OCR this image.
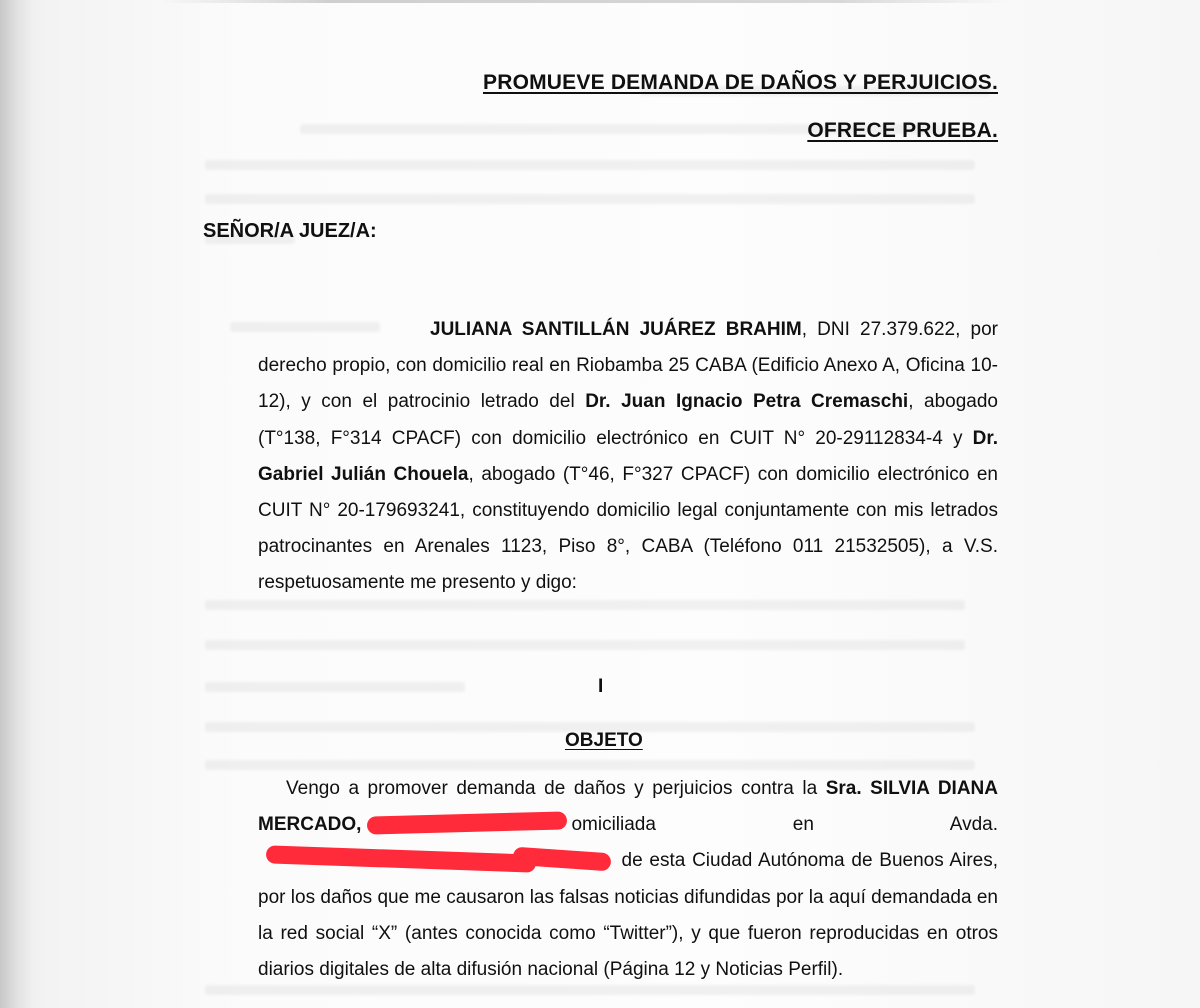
PROMUEVE DEMANDA DE DAÑOS Y PERJUICIOS.
OFRECE PRUEBA.
SEÑOR/A JUEZ/A:
JULIANA SANTILLÁN JUÁREZ BRAHIM, DNI 27.379.622, por derecho propio, con domicilio real en Riobamba 25 CABA (Edificio Anexo A, Oficina 10-12), y con el patrocinio letrado del Dr. Juan Ignacio Petra Cremaschi, abogado (T°138, F°314 CPACF) con domicilio electrónico en CUIT N° 20-29112834-4 y Dr. Gabriel Julián Chouela, abogado (T°46, F°327 CPACF) con domicilio electrónico en CUIT N° 20-179693241, constituyendo domicilio legal conjuntamente con mis letrados patrocinantes en Arenales 1123, Piso 8°, CABA (Teléfono 011 21532505), a V.S. respetuosamente me presento y digo:
I
OBJETO
Vengo a promover demanda de daños y perjuicios contra la Sra. SILVIA DIANA MERCADO,	omiciliada en Avda.   de esta Ciudad Autónoma de Buenos Aires, por los daños que me causaron las falsas noticias difundidas por la aquí demandada en la red social “X” (antes conocida como “Twitter”), y que fueron reproducidas en otros diarios digitales de alta difusión nacional (Página 12 y Noticias Perfil).
